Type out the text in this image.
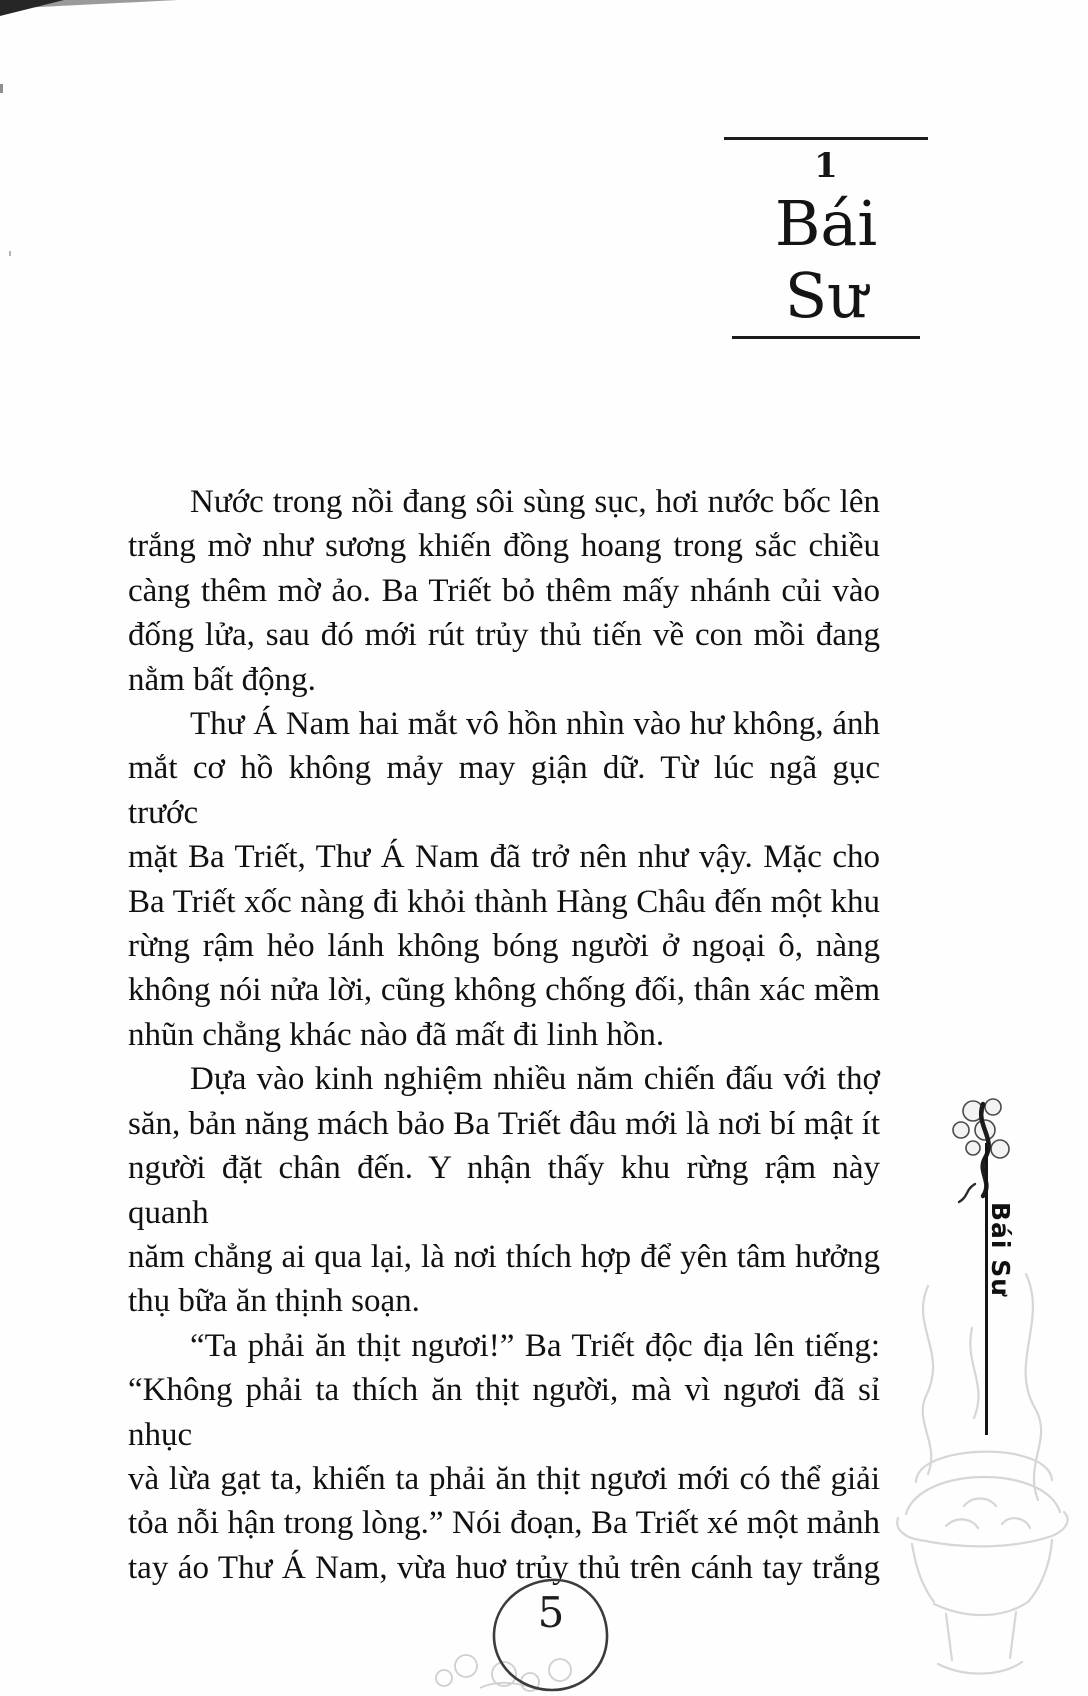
1
Bái
Sư
Nước trong nồi đang sôi sùng sục, hơi nước bốc lên
trắng mờ như sương khiến đồng hoang trong sắc chiều
càng thêm mờ ảo. Ba Triết bỏ thêm mấy nhánh củi vào
đống lửa, sau đó mới rút trủy thủ tiến về con mồi đang
nằm bất động.
Thư Á Nam hai mắt vô hồn nhìn vào hư không, ánh
mắt cơ hồ không mảy may giận dữ. Từ lúc ngã gục trước
mặt Ba Triết, Thư Á Nam đã trở nên như vậy. Mặc cho
Ba Triết xốc nàng đi khỏi thành Hàng Châu đến một khu
rừng rậm hẻo lánh không bóng người ở ngoại ô, nàng
không nói nửa lời, cũng không chống đối, thân xác mềm
nhũn chẳng khác nào đã mất đi linh hồn.
Dựa vào kinh nghiệm nhiều năm chiến đấu với thợ
săn, bản năng mách bảo Ba Triết đâu mới là nơi bí mật ít
người đặt chân đến. Y nhận thấy khu rừng rậm này quanh
năm chẳng ai qua lại, là nơi thích hợp để yên tâm hưởng
thụ bữa ăn thịnh soạn.
“Ta phải ăn thịt ngươi!” Ba Triết độc địa lên tiếng:
“Không phải ta thích ăn thịt người, mà vì ngươi đã sỉ nhục
và lừa gạt ta, khiến ta phải ăn thịt ngươi mới có thể giải
tỏa nỗi hận trong lòng.” Nói đoạn, Ba Triết xé một mảnh
tay áo Thư Á Nam, vừa huơ trủy thủ trên cánh tay trắng
Bái Sư
5
